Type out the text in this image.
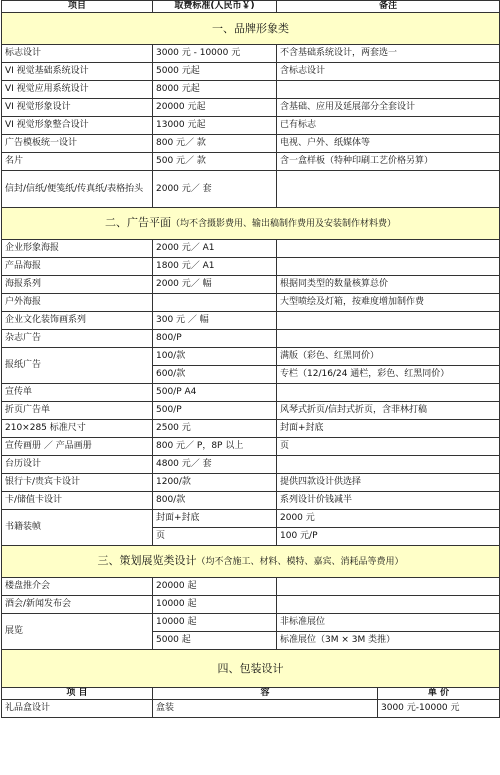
项目	取费标准(人民币￥)	备注
一、品牌形象类		
标志设计	3000 元 - 10000 元	不含基础系统设计，两套选一
VI 视觉基础系统设计	5000 元起	含标志设计
VI 视觉应用系统设计	8000 元起	
VI 视觉形象设计	20000 元起	含基础、应用及延展部分全套设计
VI 视觉形象整合设计	13000 元起	已有标志
广告模板统一设计	800 元／ 款	电视、户外、纸媒体等
名片	500 元／ 款	含一盒样板（特种印刷工艺价格另算）
信封/信纸/便笺纸/传真纸/表格抬头	2000 元／ 套	
二、广告平面（均不含摄影费用、输出稿制作费用及安装制作材料费）		
企业形象海报	2000 元／ A1	
产品海报	1800 元／ A1	
海报系列	2000 元／ 幅	根据同类型的数量核算总价
户外海报		大型喷绘及灯箱，按难度增加制作费
企业文化装饰画系列	300 元 ／ 幅	
杂志广告	800/P	
报纸广告	100/款	满版（彩色、红黑同价）
	600/款	专栏（12/16/24 通栏，彩色、红黑同价）
宣传单	500/P A4	
折页广告单	500/P	风琴式折页/信封式折页，含菲林打稿
210×285 标准尺寸	2500 元	封面+封底
宣传画册 ／ 产品画册	800 元／ P，8P 以上	页
台历设计	4800 元／ 套	
银行卡/贵宾卡设计	1200/款	提供四款设计供选择
卡/储值卡设计	800/款	系列设计价钱减半
书籍装帧	封面+封底	2000 元
	页	100 元/P
三、策划展览类设计（均不含施工、材料、模特、嘉宾、消耗品等费用）		
楼盘推介会	20000 起	
酒会/新闻发布会	10000 起	
展览	10000 起	非标准展位
	5000 起	标准展位（3M × 3M 类推）
四、包装设计		
项 目	容	单 价
礼品盒设计	盒装	3000 元-10000 元
